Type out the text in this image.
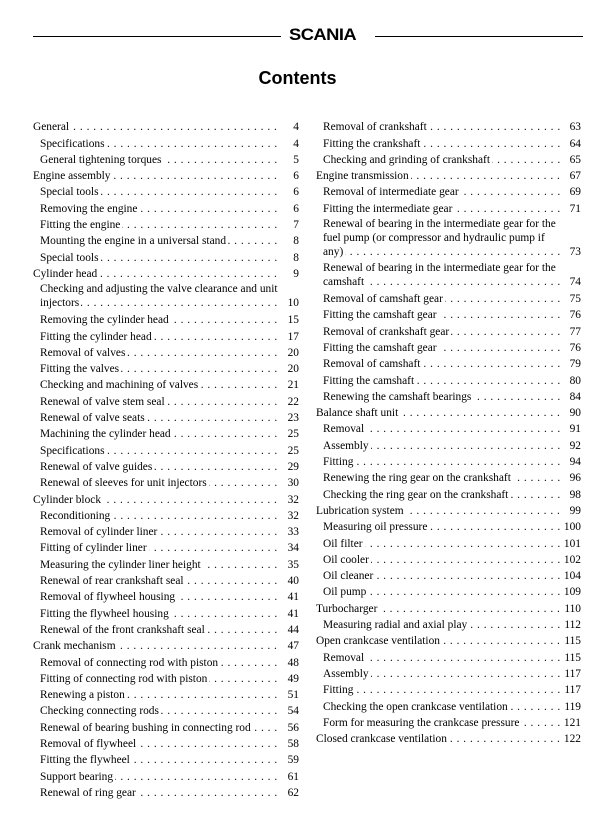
SCANIA
Contents
General . . .	4
Specifications . . .	4
General tightening torques . . .	5
Engine assembly . . .	6
Special tools . . .	6
Removing the engine . . .	6
Fitting the engine . . .	7
Mounting the engine in a universal stand . . .	8
Special tools . . .	8
Cylinder head . . .	9
Checking and adjusting the valve clearance and unit injectors . . .	10
Removing the cylinder head . . .	15
Fitting the cylinder head . . .	17
Removal of valves . . .	20
Fitting the valves . . .	20
Checking and machining of valves . . .	21
Renewal of valve stem seal . . .	22
Renewal of valve seats . . .	23
Machining the cylinder head . . .	25
Specifications . . .	25
Renewal of valve guides . . .	29
Renewal of sleeves for unit injectors . . .	30
Cylinder block . . .	32
Reconditioning . . .	32
Removal of cylinder liner . . .	33
Fitting of cylinder liner . . .	34
Measuring the cylinder liner height . . .	35
Renewal of rear crankshaft seal . . .	40
Removal of flywheel housing . . .	41
Fitting the flywheel housing . . .	41
Renewal of the front crankshaft seal . . .	44
Crank mechanism . . .	47
Removal of connecting rod with piston . . .	48
Fitting of connecting rod with piston . . .	49
Renewing a piston . . .	51
Checking connecting rods . . .	54
Renewal of bearing bushing in connecting rod . . .	56
Removal of flywheel . . .	58
Fitting the flywheel . . .	59
Support bearing . . .	61
Renewal of ring gear . . .	62
Removal of crankshaft . . .	63
Fitting the crankshaft . . .	64
Checking and grinding of crankshaft . . .	65
Engine transmission . . .	67
Removal of intermediate gear . . .	69
Fitting the intermediate gear . . .	71
Renewal of bearing in the intermediate gear for the fuel pump (or compressor and hydraulic pump if any) . . .	73
Renewal of bearing in the intermediate gear for the camshaft . . .	74
Removal of camshaft gear . . .	75
Fitting the camshaft gear . . .	76
Removal of crankshaft gear . . .	77
Fitting the camshaft gear . . .	76
Removal of camshaft . . .	79
Fitting the camshaft . . .	80
Renewing the camshaft bearings . . .	84
Balance shaft unit . . .	90
Removal . . .	91
Assembly . . .	92
Fitting . . .	94
Renewing the ring gear on the crankshaft . . .	96
Checking the ring gear on the crankshaft . . .	98
Lubrication system . . .	99
Measuring oil pressure . . .	100
Oil filter . . .	101
Oil cooler . . .	102
Oil cleaner . . .	104
Oil pump . . .	109
Turbocharger . . .	110
Measuring radial and axial play . . .	112
Open crankcase ventilation . . .	115
Removal . . .	115
Assembly . . .	117
Fitting . . .	117
Checking the open crankcase ventilation . . .	119
Form for measuring the crankcase pressure . . .	121
Closed crankcase ventilation . . .	122
